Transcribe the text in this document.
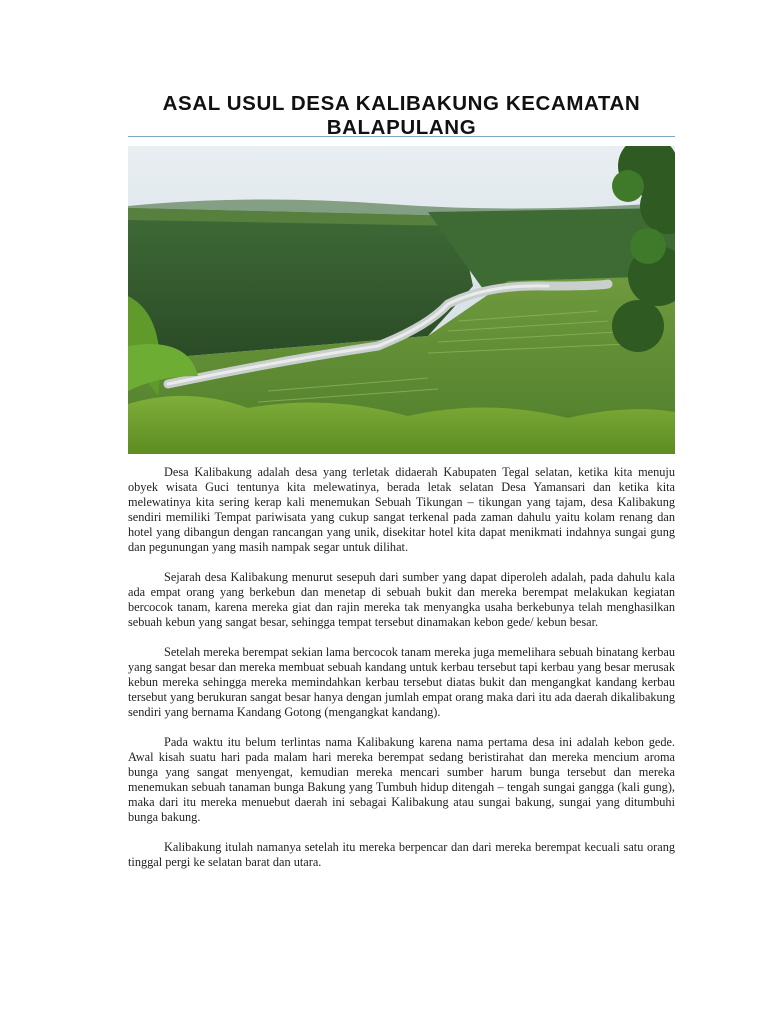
ASAL USUL DESA KALIBAKUNG KECAMATAN BALAPULANG

Desa Kalibakung adalah desa yang terletak didaerah Kabupaten Tegal selatan, ketika kita menuju obyek wisata Guci tentunya kita melewatinya, berada letak selatan Desa Yamansari dan ketika kita melewatinya kita sering kerap kali menemukan Sebuah Tikungan – tikungan yang tajam, desa Kalibakung sendiri memiliki Tempat pariwisata yang cukup sangat terkenal pada zaman dahulu yaitu kolam renang dan hotel yang dibangun dengan rancangan yang unik, disekitar hotel kita dapat menikmati indahnya sungai gung dan pegunungan yang masih nampak segar untuk dilihat.

Sejarah desa Kalibakung menurut sesepuh dari sumber yang dapat diperoleh adalah, pada dahulu kala ada empat orang yang berkebun dan menetap di sebuah bukit dan mereka berempat melakukan kegiatan bercocok tanam, karena mereka giat dan rajin mereka tak menyangka usaha berkebunya telah menghasilkan sebuah kebun yang sangat besar, sehingga tempat tersebut dinamakan kebon gede/ kebun besar.

Setelah mereka berempat sekian lama bercocok tanam mereka juga memelihara sebuah binatang kerbau yang sangat besar dan mereka membuat sebuah kandang untuk kerbau tersebut tapi kerbau yang besar merusak kebun mereka sehingga mereka memindahkan kerbau tersebut diatas bukit dan mengangkat kandang kerbau tersebut yang berukuran sangat besar hanya dengan jumlah empat orang maka dari itu ada daerah dikalibakung sendiri yang bernama Kandang Gotong (mengangkat kandang).

Pada waktu itu belum terlintas nama Kalibakung karena nama pertama desa ini adalah kebon gede. Awal kisah suatu hari pada malam hari mereka berempat sedang beristirahat dan mereka mencium aroma bunga yang sangat menyengat, kemudian mereka mencari sumber harum bunga tersebut dan mereka menemukan sebuah tanaman bunga Bakung yang Tumbuh hidup ditengah – tengah sungai gangga (kali gung), maka dari itu mereka menuebut daerah ini sebagai Kalibakung atau sungai bakung, sungai yang ditumbuhi bunga bakung.

Kalibakung itulah namanya setelah itu mereka berpencar dan dari mereka berempat kecuali satu orang tinggal pergi ke selatan barat dan utara.
